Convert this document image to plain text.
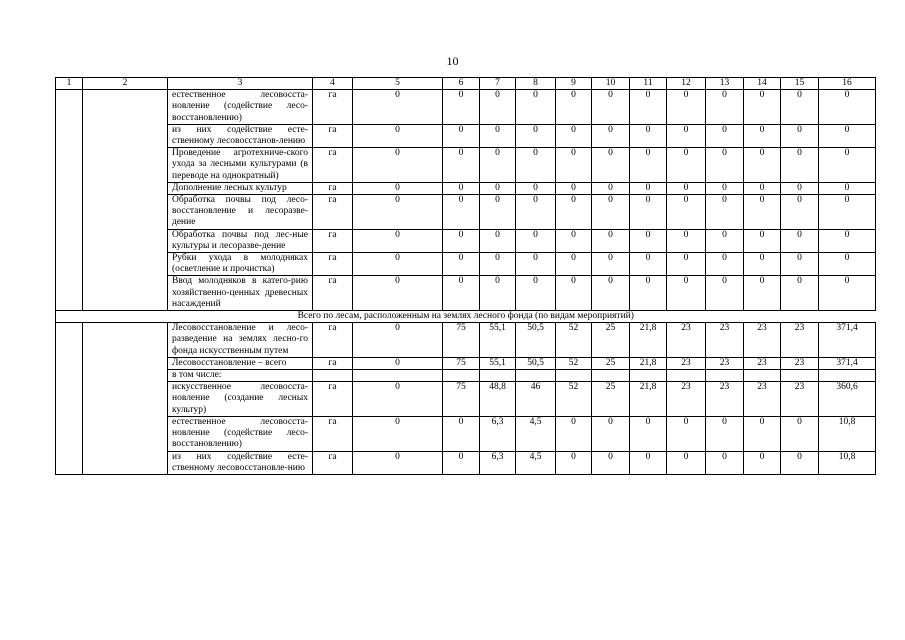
10
1	2	3	4	5	6	7	8	9	10	11	12	13	14	15	16
		естественное лесовосста-новление (содействие лесо-восстановлению)	га	0	0	0	0	0	0	0	0	0	0	0	0
		из них содействие есте-ственному лесовосстанов-лению	га	0	0	0	0	0	0	0	0	0	0	0	0
		Проведение агротехниче-ского ухода за лесными культурами (в переводе на однократный)	га	0	0	0	0	0	0	0	0	0	0	0	0
		Дополнение лесных культур	га	0	0	0	0	0	0	0	0	0	0	0	0
		Обработка почвы под лесо-восстановление и лесоразве-дение	га	0	0	0	0	0	0	0	0	0	0	0	0
		Обработка почвы под лес-ные культуры и лесоразве-дение	га	0	0	0	0	0	0	0	0	0	0	0	0
		Рубки ухода в молодняках (осветление и прочистка)	га	0	0	0	0	0	0	0	0	0	0	0	0
		Ввод молодняков в катего-рию хозяйственно-ценных древесных насаждений	га	0	0	0	0	0	0	0	0	0	0	0	0
Всего по лесам, расположенным на землях лесного фонда (по видам мероприятий)															
		Лесовосстановление и лесо-разведение на землях лесно-го фонда искусственным путем	га	0	75	55,1	50,5	52	25	21,8	23	23	23	23	371,4
		Лесовосстановление – всего	га	0	75	55,1	50,5	52	25	21,8	23	23	23	23	371,4
		в том числе:													
		искусственное лесовосста-новление (создание лесных культур)	га	0	75	48,8	46	52	25	21,8	23	23	23	23	360,6
		естественное лесовосста-новление (содействие лесо-восстановлению)	га	0	0	6,3	4,5	0	0	0	0	0	0	0	10,8
		из них содействие есте-ственному лесовосстановле-нию	га	0	0	6,3	4,5	0	0	0	0	0	0	0	10,8
